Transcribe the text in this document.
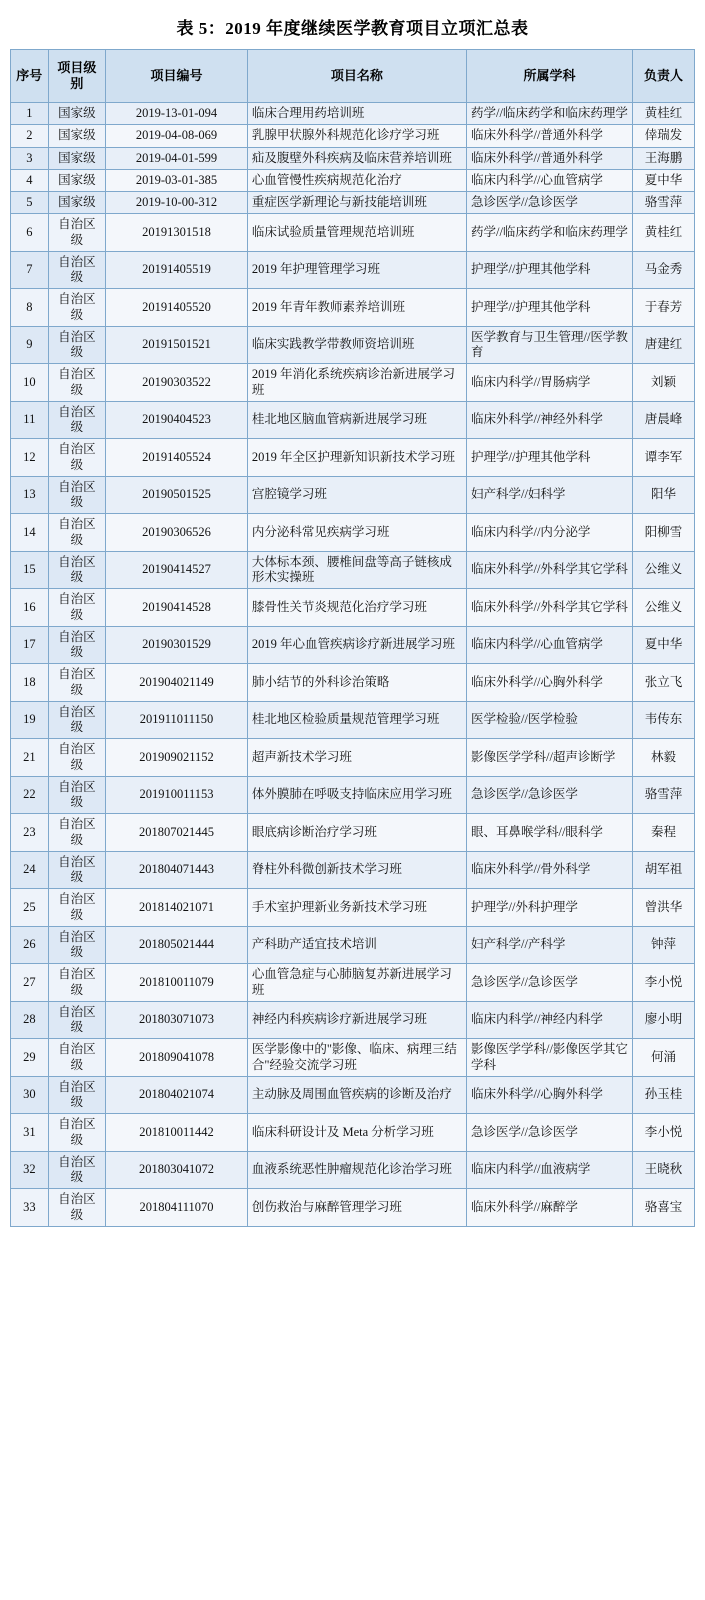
表 5：2019 年度继续医学教育项目立项汇总表
序号	项目级别	项目编号	项目名称	所属学科	负责人
1	国家级	2019-13-01-094	临床合理用药培训班	药学//临床药学和临床药理学	黄桂红
2	国家级	2019-04-08-069	乳腺甲状腺外科规范化诊疗学习班	临床外科学//普通外科学	倖瑞发
3	国家级	2019-04-01-599	疝及腹壁外科疾病及临床营养培训班	临床外科学//普通外科学	王海鹏
4	国家级	2019-03-01-385	心血管慢性疾病规范化治疗	临床内科学//心血管病学	夏中华
5	国家级	2019-10-00-312	重症医学新理论与新技能培训班	急诊医学//急诊医学	骆雪萍
6	自治区级	20191301518	临床试验质量管理规范培训班	药学//临床药学和临床药理学	黄桂红
7	自治区级	20191405519	2019 年护理管理学习班	护理学//护理其他学科	马金秀
8	自治区级	20191405520	2019 年青年教师素养培训班	护理学//护理其他学科	于春芳
9	自治区级	20191501521	临床实践教学带教师资培训班	医学教育与卫生管理//医学教育	唐建红
10	自治区级	20190303522	2019 年消化系统疾病诊治新进展学习班	临床内科学//胃肠病学	刘颖
11	自治区级	20190404523	桂北地区脑血管病新进展学习班	临床外科学//神经外科学	唐晨峰
12	自治区级	20191405524	2019 年全区护理新知识新技术学习班	护理学//护理其他学科	谭李军
13	自治区级	20190501525	宫腔镜学习班	妇产科学//妇科学	阳华
14	自治区级	20190306526	内分泌科常见疾病学习班	临床内科学//内分泌学	阳柳雪
15	自治区级	20190414527	大体标本颈、腰椎间盘等高子链核成形术实操班	临床外科学//外科学其它学科	公维义
16	自治区级	20190414528	膝骨性关节炎规范化治疗学习班	临床外科学//外科学其它学科	公维义
17	自治区级	20190301529	2019 年心血管疾病诊疗新进展学习班	临床内科学//心血管病学	夏中华
18	自治区级	201904021149	肺小结节的外科诊治策略	临床外科学//心胸外科学	张立飞
19	自治区级	201911011150	桂北地区检验质量规范管理学习班	医学检验//医学检验	韦传东
21	自治区级	201909021152	超声新技术学习班	影像医学学科//超声诊断学	林毅
22	自治区级	201910011153	体外膜肺在呼吸支持临床应用学习班	急诊医学//急诊医学	骆雪萍
23	自治区级	201807021445	眼底病诊断治疗学习班	眼、耳鼻喉学科//眼科学	秦程
24	自治区级	201804071443	脊柱外科微创新技术学习班	临床外科学//骨外科学	胡军祖
25	自治区级	201814021071	手术室护理新业务新技术学习班	护理学//外科护理学	曾洪华
26	自治区级	201805021444	产科助产适宜技术培训	妇产科学//产科学	钟萍
27	自治区级	201810011079	心血管急症与心肺脑复苏新进展学习班	急诊医学//急诊医学	李小悦
28	自治区级	201803071073	神经内科疾病诊疗新进展学习班	临床内科学//神经内科学	廖小明
29	自治区级	201809041078	医学影像中的"影像、临床、病理三结合"经验交流学习班	影像医学学科//影像医学其它学科	何涌
30	自治区级	201804021074	主动脉及周围血管疾病的诊断及治疗	临床外科学//心胸外科学	孙玉桂
31	自治区级	201810011442	临床科研设计及 Meta 分析学习班	急诊医学//急诊医学	李小悦
32	自治区级	201803041072	血液系统恶性肿瘤规范化诊治学习班	临床内科学//血液病学	王晓秋
33	自治区级	201804111070	创伤救治与麻醉管理学习班	临床外科学//麻醉学	骆喜宝
